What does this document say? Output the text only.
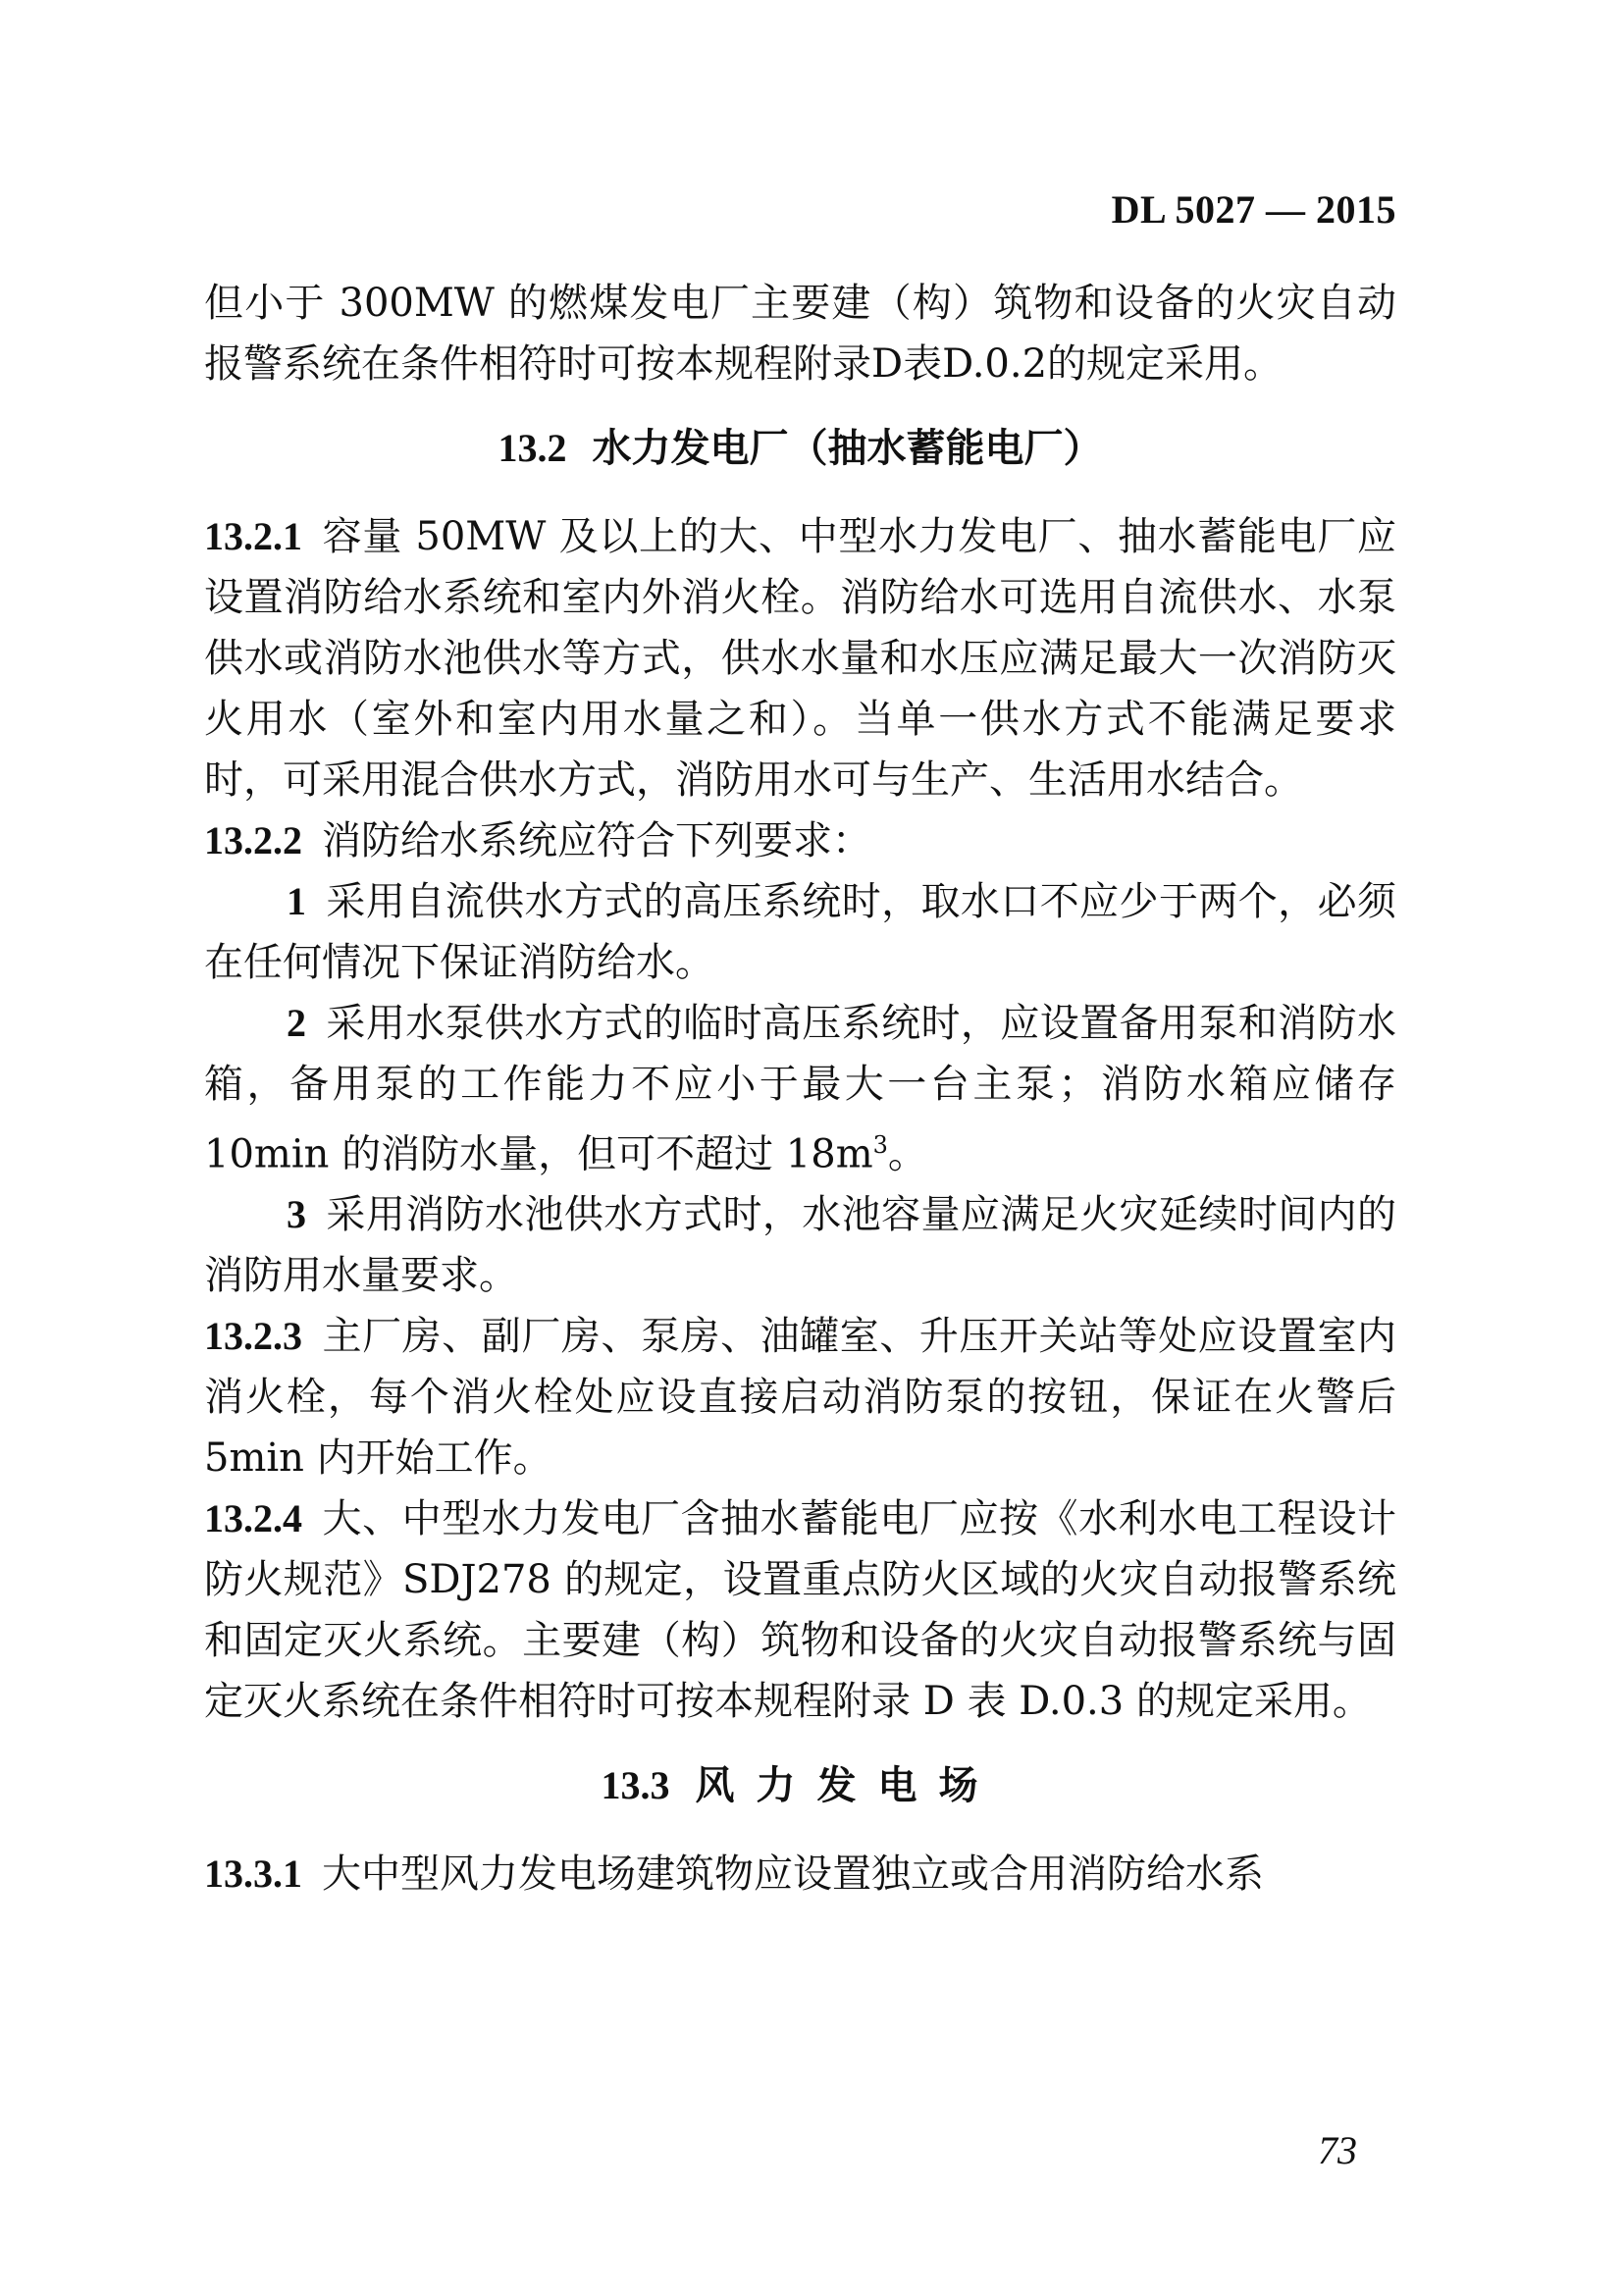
DL 5027 — 2015

但小于 300MW 的燃煤发电厂主要建（构）筑物和设备的火灾自动报警系统在条件相符时可按本规程附录D表D.0.2的规定采用。

13.2 水力发电厂（抽水蓄能电厂）

13.2.1 容量 50MW 及以上的大、中型水力发电厂、抽水蓄能电厂应设置消防给水系统和室内外消火栓。消防给水可选用自流供水、水泵供水或消防水池供水等方式，供水水量和水压应满足最大一次消防灭火用水（室外和室内用水量之和）。当单一供水方式不能满足要求时，可采用混合供水方式，消防用水可与生产、生活用水结合。

13.2.2 消防给水系统应符合下列要求：

1 采用自流供水方式的高压系统时，取水口不应少于两个，必须在任何情况下保证消防给水。

2 采用水泵供水方式的临时高压系统时，应设置备用泵和消防水箱，备用泵的工作能力不应小于最大一台主泵；消防水箱应储存 10min 的消防水量，但可不超过 $18m^3$。

3 采用消防水池供水方式时，水池容量应满足火灾延续时间内的消防用水量要求。

13.2.3 主厂房、副厂房、泵房、油罐室、升压开关站等处应设置室内消火栓，每个消火栓处应设直接启动消防泵的按钮，保证在火警后 5min 内开始工作。

13.2.4 大、中型水力发电厂含抽水蓄能电厂应按《水利水电工程设计防火规范》SDJ278 的规定，设置重点防火区域的火灾自动报警系统和固定灭火系统。主要建（构）筑物和设备的火灾自动报警系统与固定灭火系统在条件相符时可按本规程附录 D 表 D.0.3 的规定采用。

13.3 风力发电场

13.3.1 大中型风力发电场建筑物应设置独立或合用消防给水系

73
